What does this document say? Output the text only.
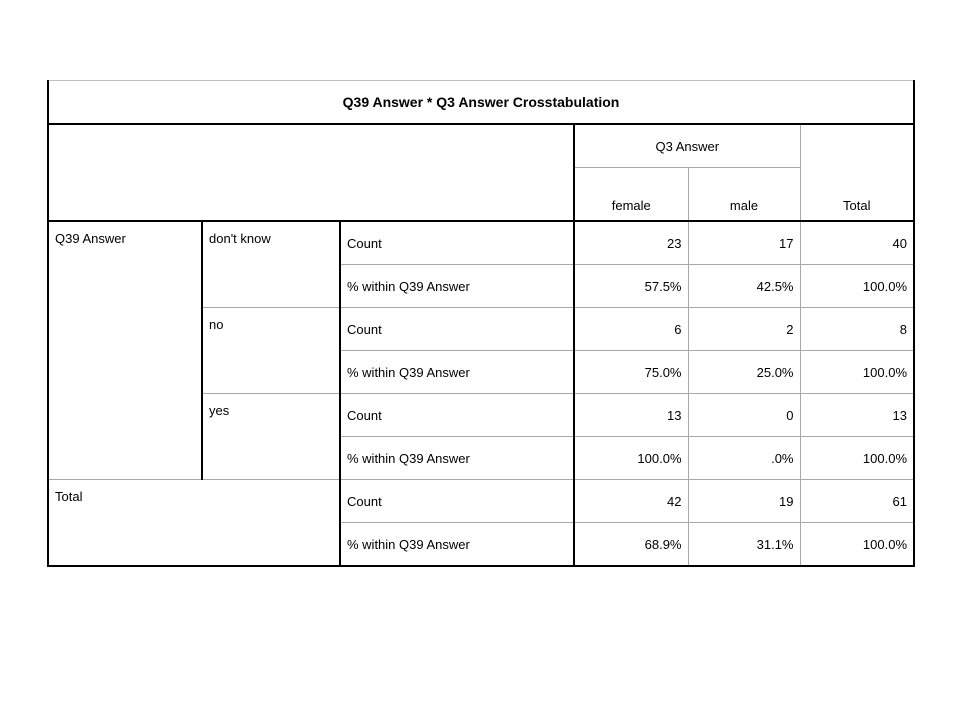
Q39 Answer * Q3 Answer Crosstabulation					
			Q3 Answer		Total
			female	male	
Q39 Answer	don't know	Count	23	17	40
		% within Q39 Answer	57.5%	42.5%	100.0%
	no	Count	6	2	8
		% within Q39 Answer	75.0%	25.0%	100.0%
	yes	Count	13	0	13
		% within Q39 Answer	100.0%	.0%	100.0%
Total		Count	42	19	61
		% within Q39 Answer	68.9%	31.1%	100.0%
